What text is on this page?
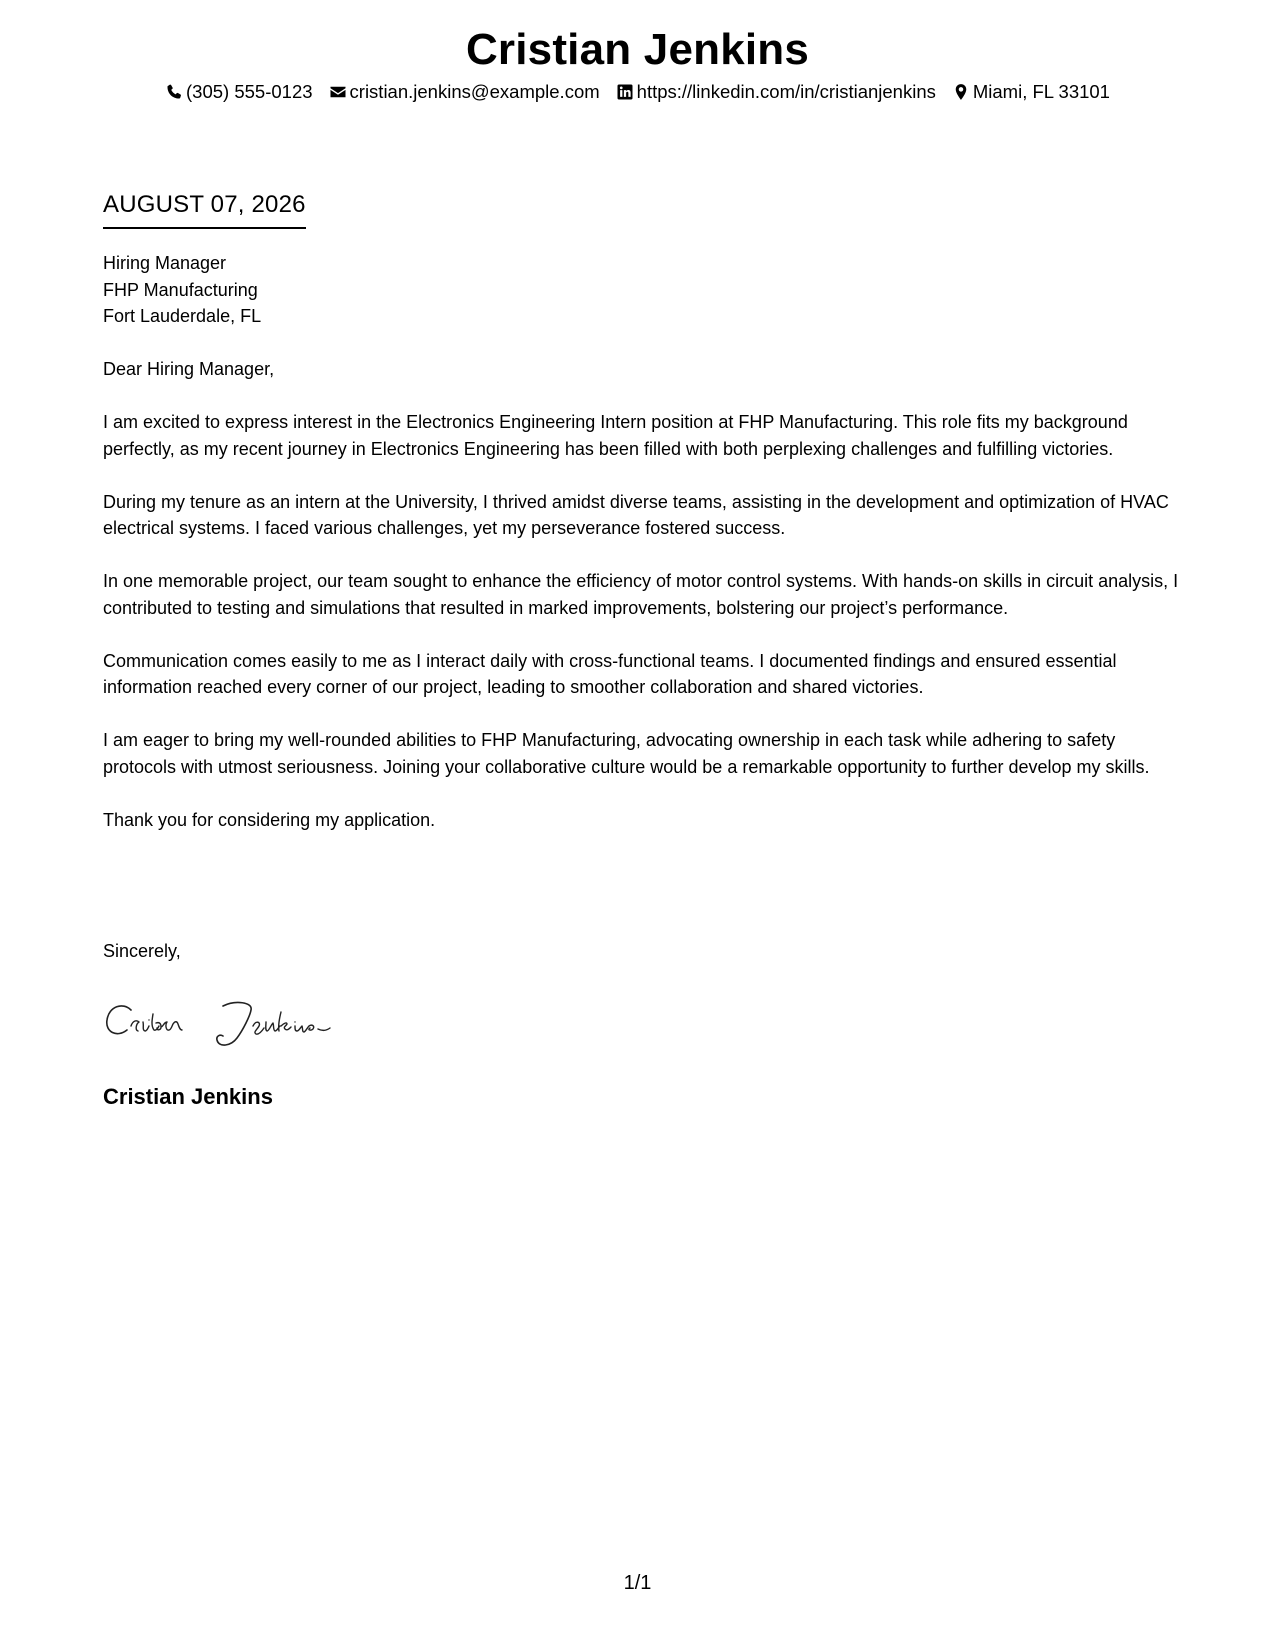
Cristian Jenkins
(305) 555-0123 cristian.jenkins@example.com https://linkedin.com/in/cristianjenkins Miami, FL 33101
AUGUST 07, 2026
Hiring Manager
FHP Manufacturing
Fort Lauderdale, FL

Dear Hiring Manager,

I am excited to express interest in the Electronics Engineering Intern position at FHP Manufacturing. This role fits my background perfectly, as my recent journey in Electronics Engineering has been filled with both perplexing challenges and fulfilling victories.

During my tenure as an intern at the University, I thrived amidst diverse teams, assisting in the development and optimization of HVAC electrical systems. I faced various challenges, yet my perseverance fostered success.

In one memorable project, our team sought to enhance the efficiency of motor control systems. With hands-on skills in circuit analysis, I contributed to testing and simulations that resulted in marked improvements, bolstering our project’s performance.

Communication comes easily to me as I interact daily with cross-functional teams. I documented findings and ensured essential information reached every corner of our project, leading to smoother collaboration and shared victories.

I am eager to bring my well-rounded abilities to FHP Manufacturing, advocating ownership in each task while adhering to safety protocols with utmost seriousness. Joining your collaborative culture would be a remarkable opportunity to further develop my skills.

Thank you for considering my application.

Sincerely,
Cristian Jenkins
1/1
